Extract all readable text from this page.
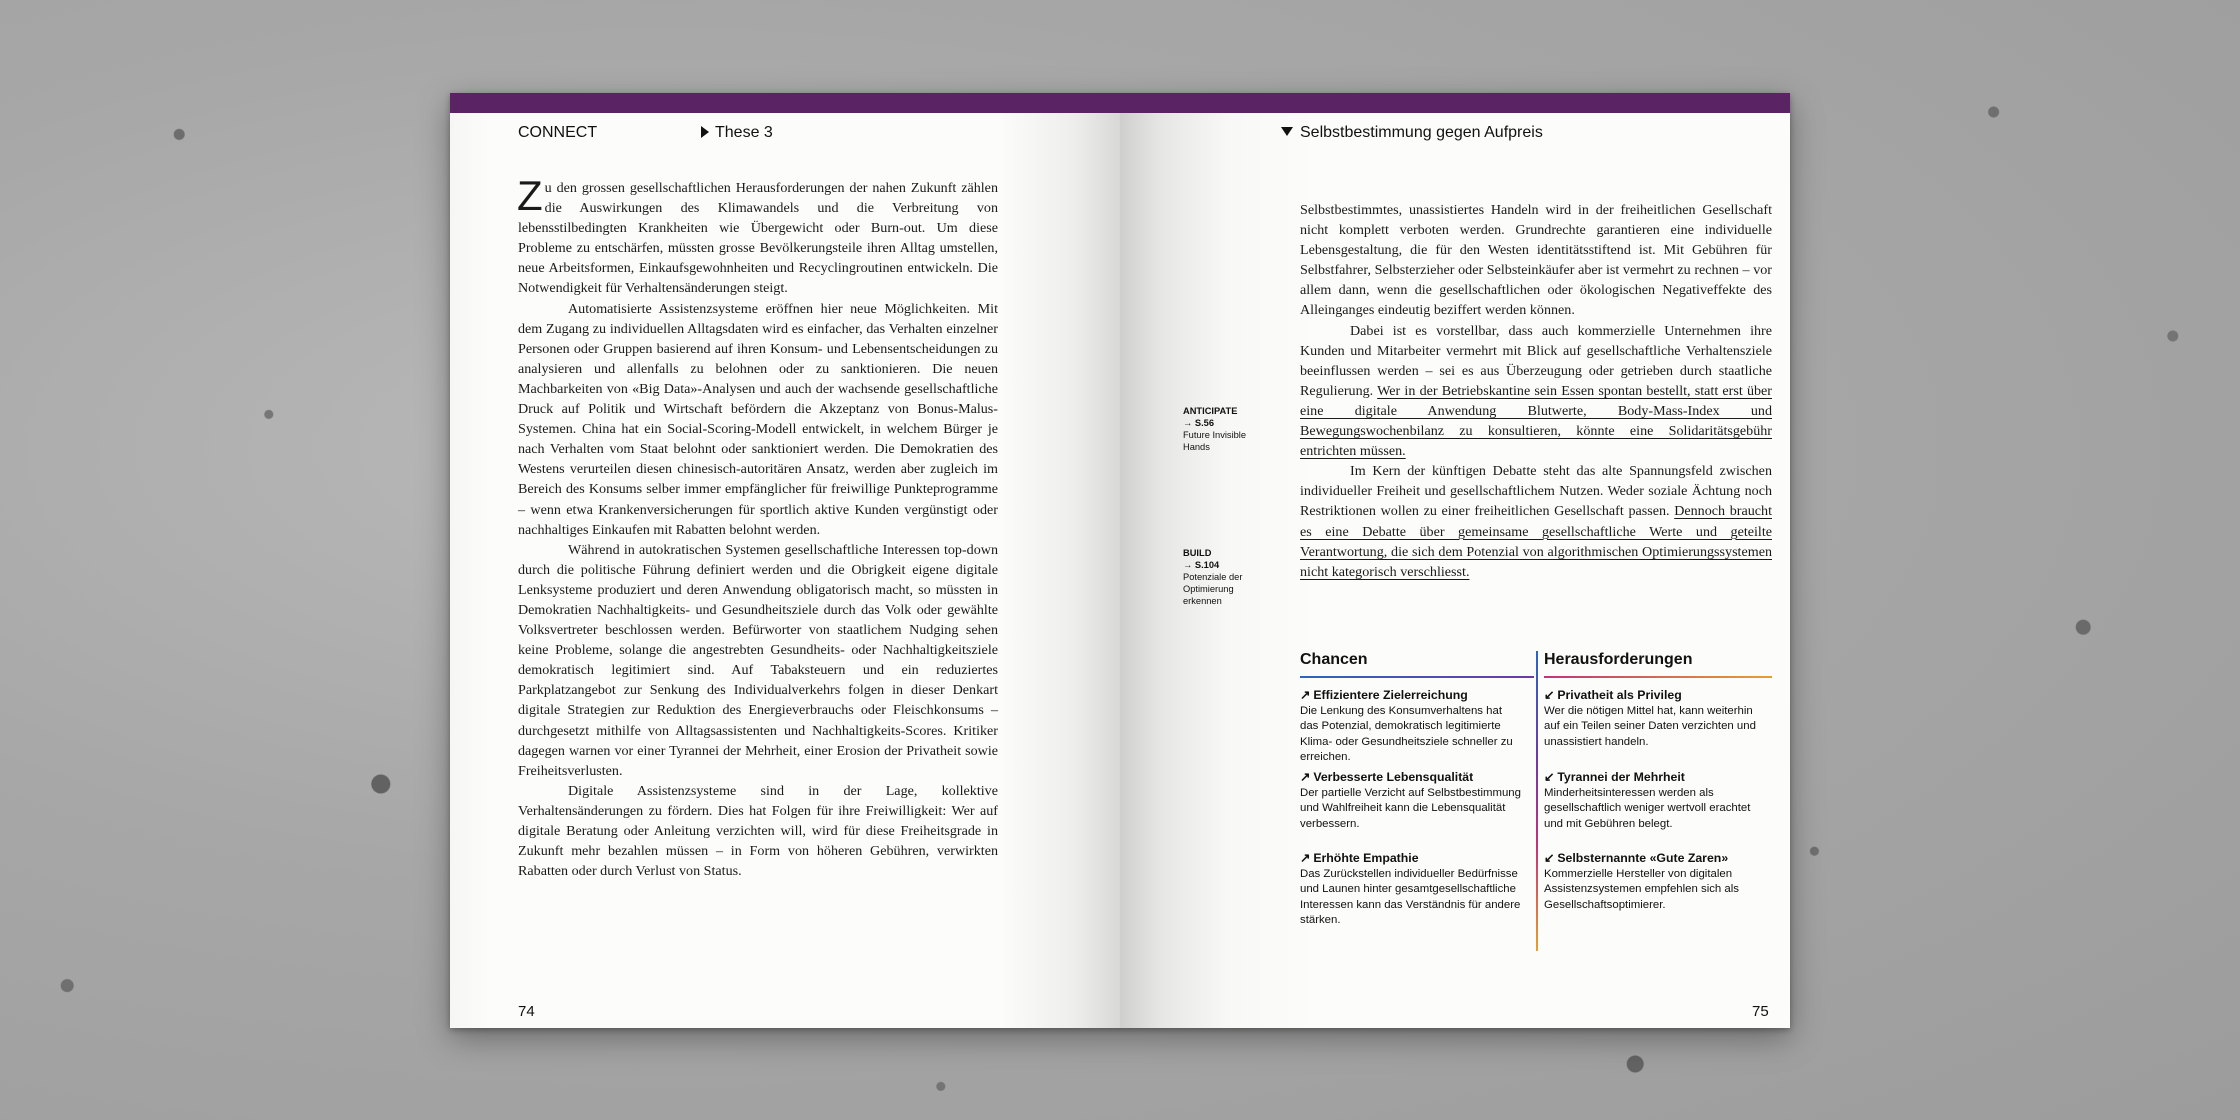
CONNECT	These 3

Zu den grossen gesellschaftlichen Herausforderungen der nahen Zukunft zählen die Auswirkungen des Klimawandels und die Verbreitung von lebensstilbedingten Krankheiten wie Übergewicht oder Burn-out. Um diese Probleme zu entschärfen, müssten grosse Bevölkerungsteile ihren Alltag umstellen, neue Arbeitsformen, Einkaufsgewohnheiten und Recyclingroutinen entwickeln. Die Notwendigkeit für Verhaltensänderungen steigt.

Automatisierte Assistenzsysteme eröffnen hier neue Möglichkeiten. Mit dem Zugang zu individuellen Alltagsdaten wird es einfacher, das Verhalten einzelner Personen oder Gruppen basierend auf ihren Konsum- und Lebensentscheidungen zu analysieren und allenfalls zu belohnen oder zu sanktionieren. Die neuen Machbarkeiten von «Big Data»-Analysen und auch der wachsende gesellschaftliche Druck auf Politik und Wirtschaft befördern die Akzeptanz von Bonus-Malus-Systemen. China hat ein Social-Scoring-Modell entwickelt, in welchem Bürger je nach Verhalten vom Staat belohnt oder sanktioniert werden. Die Demokratien des Westens verurteilen diesen chinesisch-autoritären Ansatz, werden aber zugleich im Bereich des Konsums selber immer empfänglicher für freiwillige Punkteprogramme – wenn etwa Krankenversicherungen für sportlich aktive Kunden vergünstigt oder nachhaltiges Einkaufen mit Rabatten belohnt werden.

Während in autokratischen Systemen gesellschaftliche Interessen top-down durch die politische Führung definiert werden und die Obrigkeit eigene digitale Lenksysteme produziert und deren Anwendung obligatorisch macht, so müssten in Demokratien Nachhaltigkeits- und Gesundheitsziele durch das Volk oder gewählte Volksvertreter beschlossen werden. Befürworter von staatlichem Nudging sehen keine Probleme, solange die angestrebten Gesundheits- oder Nachhaltigkeitsziele demokratisch legitimiert sind. Auf Tabaksteuern und ein reduziertes Parkplatzangebot zur Senkung des Individualverkehrs folgen in dieser Denkart digitale Strategien zur Reduktion des Energieverbrauchs oder Fleischkonsums – durchgesetzt mithilfe von Alltagsassistenten und Nachhaltigkeits-Scores. Kritiker dagegen warnen vor einer Tyrannei der Mehrheit, einer Erosion der Privatheit sowie Freiheitsverlusten.

Digitale Assistenzsysteme sind in der Lage, kollektive Verhaltensänderungen zu fördern. Dies hat Folgen für ihre Freiwilligkeit: Wer auf digitale Beratung oder Anleitung verzichten will, wird für diese Freiheitsgrade in Zukunft mehr bezahlen müssen – in Form von höheren Gebühren, verwirkten Rabatten oder durch Verlust von Status.

74
Selbstbestimmung gegen Aufpreis
ANTICIPATE
→ S.56
Future Invisible Hands
BUILD
→ S.104
Potenziale der Optimierung erkennen

Selbstbestimmtes, unassistiertes Handeln wird in der freiheitlichen Gesellschaft nicht komplett verboten werden. Grundrechte garantieren eine individuelle Lebensgestaltung, die für den Westen identitätsstiftend ist. Mit Gebühren für Selbstfahrer, Selbsterzieher oder Selbsteinkäufer aber ist vermehrt zu rechnen – vor allem dann, wenn die gesellschaftlichen oder ökologischen Negativeffekte des Alleinganges eindeutig beziffert werden können.

Dabei ist es vorstellbar, dass auch kommerzielle Unternehmen ihre Kunden und Mitarbeiter vermehrt mit Blick auf gesellschaftliche Verhaltensziele beeinflussen werden – sei es aus Überzeugung oder getrieben durch staatliche Regulierung. Wer in der Betriebskantine sein Essen spontan bestellt, statt erst über eine digitale Anwendung Blutwerte, Body-Mass-Index und Bewegungswochenbilanz zu konsultieren, könnte eine Solidaritätsgebühr entrichten müssen.

Im Kern der künftigen Debatte steht das alte Spannungsfeld zwischen individueller Freiheit und gesellschaftlichem Nutzen. Weder soziale Ächtung noch Restriktionen wollen zu einer freiheitlichen Gesellschaft passen. Dennoch braucht es eine Debatte über gemeinsame gesellschaftliche Werte und geteilte Verantwortung, die sich dem Potenzial von algorithmischen Optimierungssystemen nicht kategorisch verschliesst.

Chancen	Herausforderungen
↗ Effizientere Zielerreichung
Die Lenkung des Konsumverhaltens hat das Potenzial, demokratisch legitimierte Klima- oder Gesundheitsziele schneller zu erreichen.
↗ Verbesserte Lebensqualität
Der partielle Verzicht auf Selbstbestimmung und Wahlfreiheit kann die Lebensqualität verbessern.
↗ Erhöhte Empathie
Das Zurückstellen individueller Bedürfnisse und Launen hinter gesamtgesellschaftliche Interessen kann das Verständnis für andere stärken.
↙ Privatheit als Privileg
Wer die nötigen Mittel hat, kann weiterhin auf ein Teilen seiner Daten verzichten und unassistiert handeln.
↙ Tyrannei der Mehrheit
Minderheitsinteressen werden als gesellschaftlich weniger wertvoll erachtet und mit Gebühren belegt.
↙ Selbsternannte «Gute Zaren»
Kommerzielle Hersteller von digitalen Assistenzsystemen empfehlen sich als Gesellschaftsoptimierer.
75
